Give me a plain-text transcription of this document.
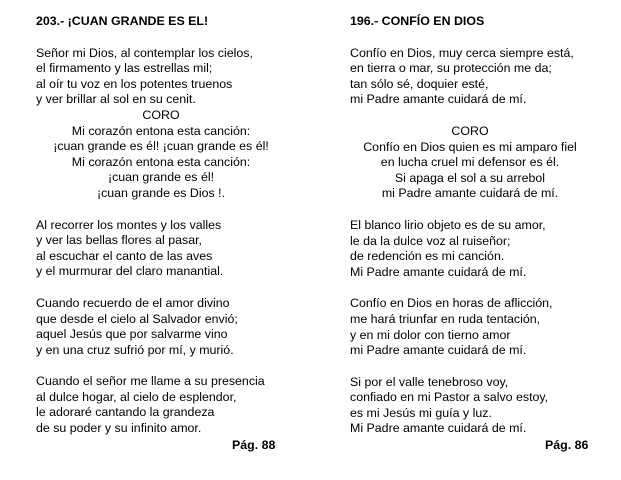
203.- ¡CUAN GRANDE ES EL!
Señor mi Dios, al contemplar los cielos,
el firmamento y las estrellas mil;
al oír tu voz en los potentes truenos
y ver brillar al sol en su cenit.
CORO
Mi corazón entona esta canción:
¡cuan grande es él! ¡cuan grande es él!
Mi corazón entona esta canción:
¡cuan grande es él!
¡cuan grande es Dios !.
Al recorrer los montes y los valles
y ver las bellas flores al pasar,
al escuchar el canto de las aves
y el murmurar del claro manantial.
Cuando recuerdo de el amor divino
que desde el cielo al Salvador envió;
aquel Jesús que por salvarme vino
y en una cruz sufrió por mí, y murió.
Cuando el señor me llame a su presencia
al dulce hogar, al cielo de esplendor,
le adoraré cantando la grandeza
de su poder y su infinito amor.
Pág. 88
196.- CONFÍO EN DIOS
Confío en Dios, muy cerca siempre está,
en tierra o mar, su protección me da;
tan sólo sé, doquier esté,
mi Padre amante cuidará de mí.
CORO
Confío en Dios quien es mi amparo fiel
en lucha cruel mi defensor es él.
Si apaga el sol a su arrebol
mi Padre amante cuidará de mí.
El blanco lirio objeto es de su amor,
le da la dulce voz al ruiseñor;
de redención es mi canción.
Mi Padre amante cuidará de mí.
Confío en Dios en horas de aflicción,
me hará triunfar en ruda tentación,
y en mi dolor con tierno amor
mi Padre amante cuidará de mí.
Si por el valle tenebroso voy,
confiado en mi Pastor a salvo estoy,
es mi Jesús mi guía y luz.
Mi Padre amante cuidará de mí.
Pág. 86
